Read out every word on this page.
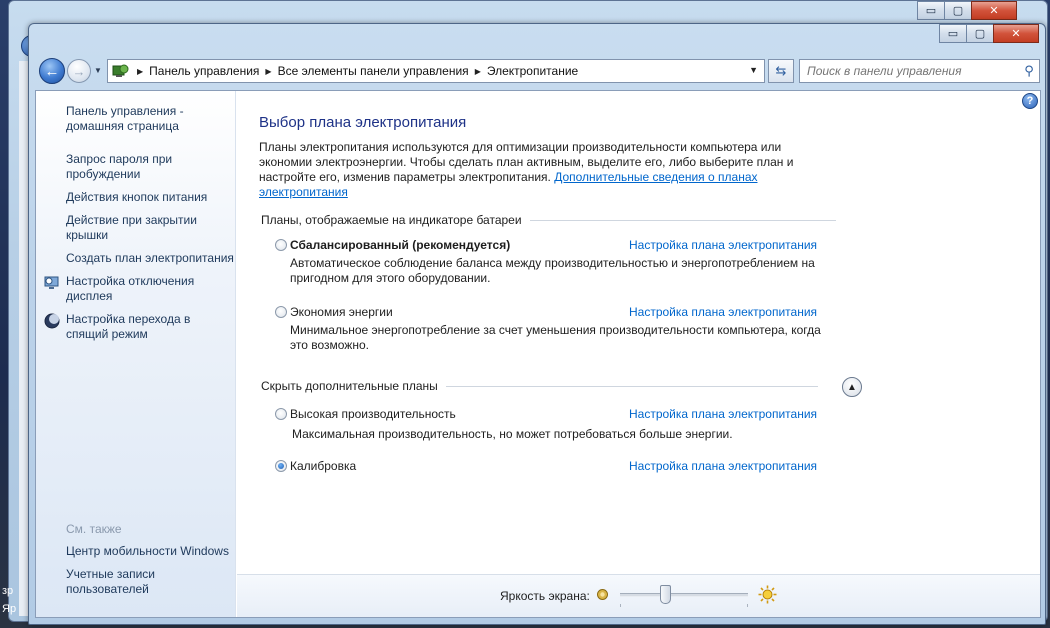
▭	▢	✕
зр
Яр
▭	▢	✕
←	→	▼	▶ Панель управления ▶ Все элементы панели управления ▶ Электропитание	▼	⇆
Поиск в панели управления	⚲
Панель управления - домашняя страница
Запрос пароля при пробуждении
Действия кнопок питания
Действие при закрытии крышки
Создать план электропитания
Настройка отключения дисплея
Настройка перехода в спящий режим
См. также
Центр мобильности Windows
Учетные записи пользователей
Выбор плана электропитания
Планы электропитания используются для оптимизации производительности компьютера или экономии электроэнергии. Чтобы сделать план активным, выделите его, либо выберите план и настройте его, изменив параметры электропитания. Дополнительные сведения о планах электропитания
Планы, отображаемые на индикаторе батареи
Сбалансированный (рекомендуется)	Настройка плана электропитания
Автоматическое соблюдение баланса между производительностью и энергопотреблением на пригодном для этого оборудовании.
Экономия энергии	Настройка плана электропитания
Минимальное энергопотребление за счет уменьшения производительности компьютера, когда это возможно.
Скрыть дополнительные планы	▲
Высокая производительность	Настройка плана электропитания
Максимальная производительность, но может потребоваться больше энергии.
Калибровка	Настройка плана электропитания
?
Яркость экрана:
